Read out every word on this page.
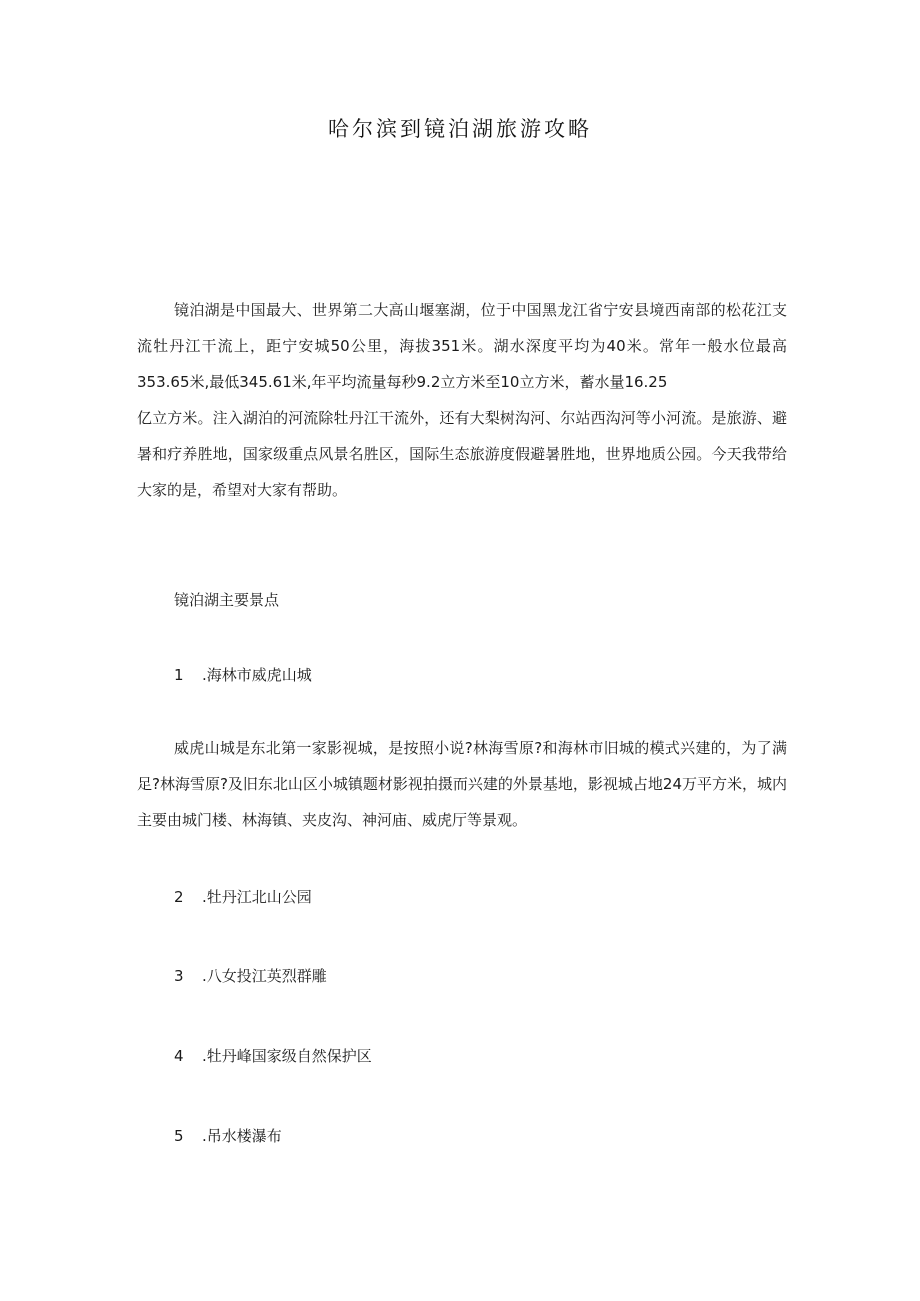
哈尔滨到镜泊湖旅游攻略

镜泊湖是中国最大、世界第二大高山堰塞湖，位于中国黑龙江省宁安县境西南部的松花江支流牡丹江干流上，距宁安城50公里，海拔351米。湖水深度平均为40米。常年一般水位最高353.65米,最低345.61米,年平均流量每秒9.2立方米至10立方米，蓄水量16.25

亿立方米。注入湖泊的河流除牡丹江干流外，还有大梨树沟河、尔站西沟河等小河流。是旅游、避暑和疗养胜地，国家级重点风景名胜区，国际生态旅游度假避暑胜地，世界地质公园。今天我带给大家的是，希望对大家有帮助。

镜泊湖主要景点
1 .海林市威虎山城

威虎山城是东北第一家影视城，是按照小说?林海雪原?和海林市旧城的模式兴建的，为了满足?林海雪原?及旧东北山区小城镇题材影视拍摄而兴建的外景基地，影视城占地24万平方米，城内主要由城门楼、林海镇、夹皮沟、神河庙、威虎厅等景观。

2 .牡丹江北山公园
3 .八女投江英烈群雕
4 .牡丹峰国家级自然保护区
5 .吊水楼瀑布
